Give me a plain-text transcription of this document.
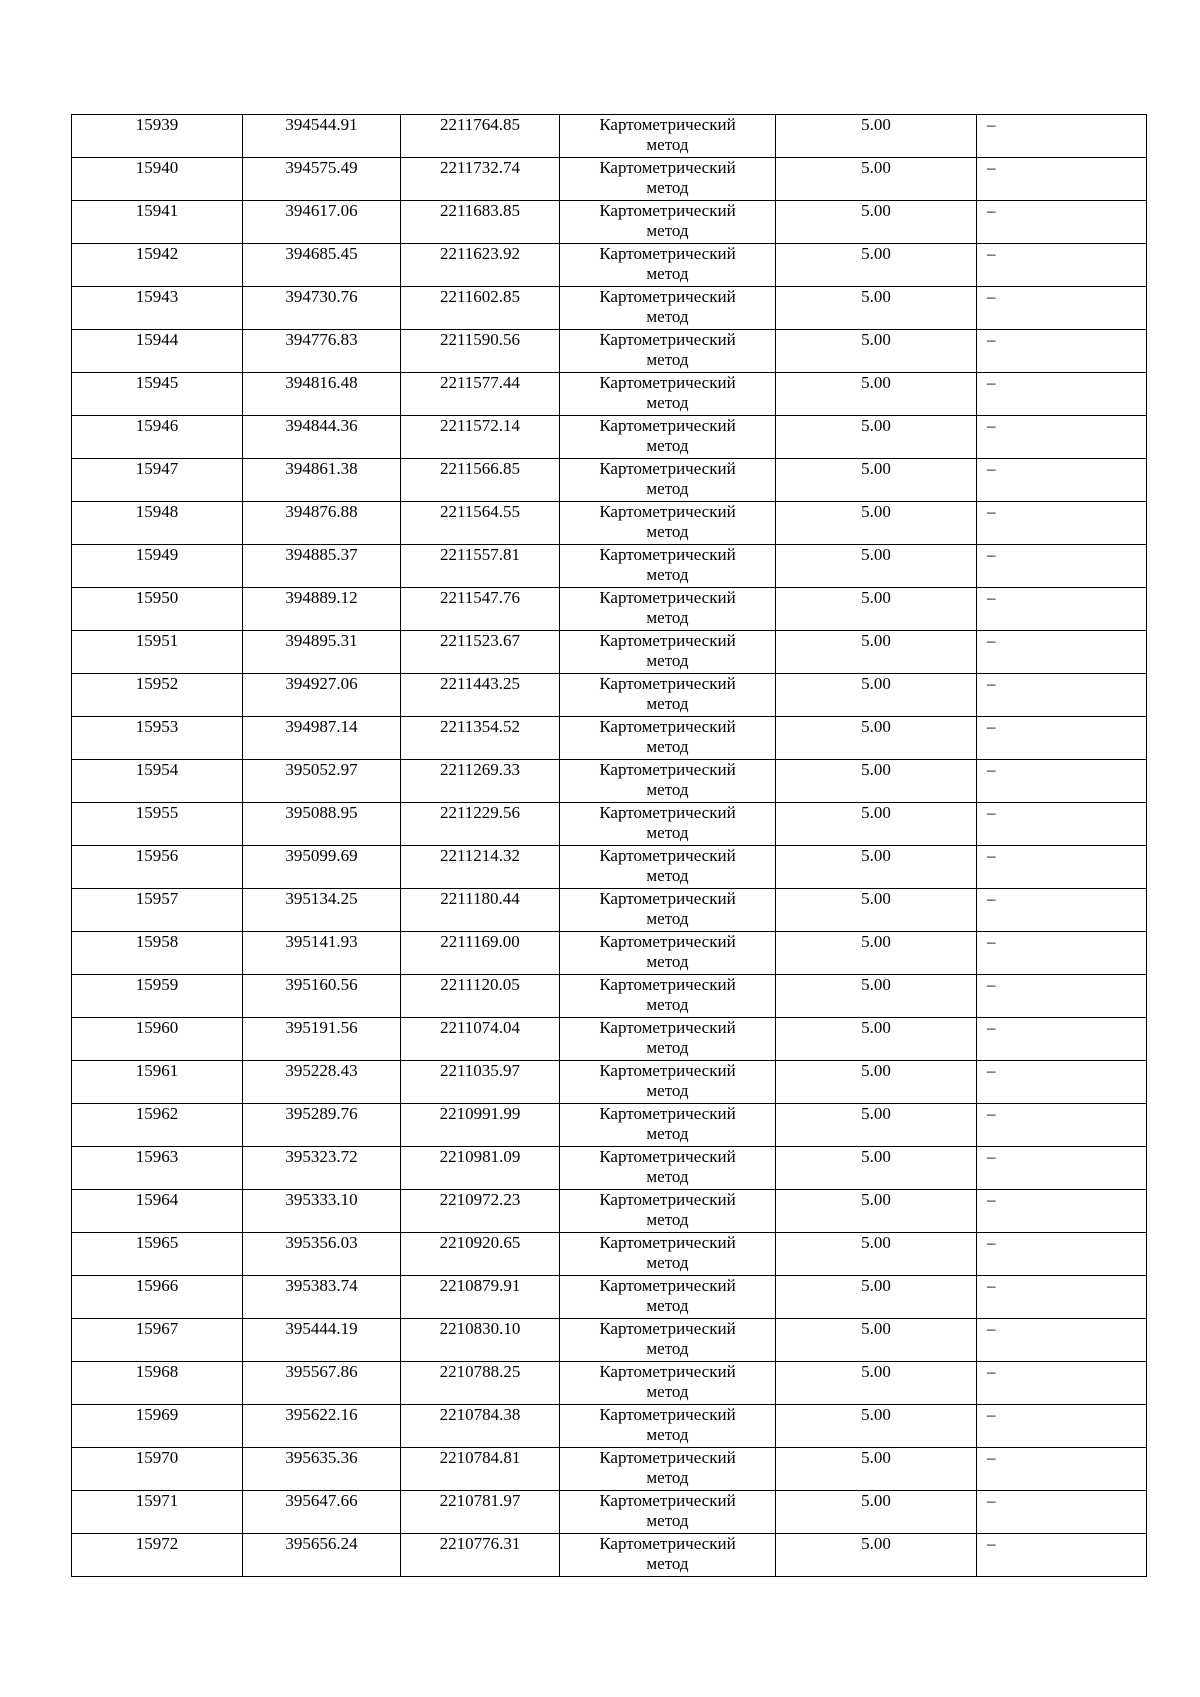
15939	394544.91	2211764.85	Картометрический метод	5.00	–
15940	394575.49	2211732.74	Картометрический метод	5.00	–
15941	394617.06	2211683.85	Картометрический метод	5.00	–
15942	394685.45	2211623.92	Картометрический метод	5.00	–
15943	394730.76	2211602.85	Картометрический метод	5.00	–
15944	394776.83	2211590.56	Картометрический метод	5.00	–
15945	394816.48	2211577.44	Картометрический метод	5.00	–
15946	394844.36	2211572.14	Картометрический метод	5.00	–
15947	394861.38	2211566.85	Картометрический метод	5.00	–
15948	394876.88	2211564.55	Картометрический метод	5.00	–
15949	394885.37	2211557.81	Картометрический метод	5.00	–
15950	394889.12	2211547.76	Картометрический метод	5.00	–
15951	394895.31	2211523.67	Картометрический метод	5.00	–
15952	394927.06	2211443.25	Картометрический метод	5.00	–
15953	394987.14	2211354.52	Картометрический метод	5.00	–
15954	395052.97	2211269.33	Картометрический метод	5.00	–
15955	395088.95	2211229.56	Картометрический метод	5.00	–
15956	395099.69	2211214.32	Картометрический метод	5.00	–
15957	395134.25	2211180.44	Картометрический метод	5.00	–
15958	395141.93	2211169.00	Картометрический метод	5.00	–
15959	395160.56	2211120.05	Картометрический метод	5.00	–
15960	395191.56	2211074.04	Картометрический метод	5.00	–
15961	395228.43	2211035.97	Картометрический метод	5.00	–
15962	395289.76	2210991.99	Картометрический метод	5.00	–
15963	395323.72	2210981.09	Картометрический метод	5.00	–
15964	395333.10	2210972.23	Картометрический метод	5.00	–
15965	395356.03	2210920.65	Картометрический метод	5.00	–
15966	395383.74	2210879.91	Картометрический метод	5.00	–
15967	395444.19	2210830.10	Картометрический метод	5.00	–
15968	395567.86	2210788.25	Картометрический метод	5.00	–
15969	395622.16	2210784.38	Картометрический метод	5.00	–
15970	395635.36	2210784.81	Картометрический метод	5.00	–
15971	395647.66	2210781.97	Картометрический метод	5.00	–
15972	395656.24	2210776.31	Картометрический метод	5.00	–
